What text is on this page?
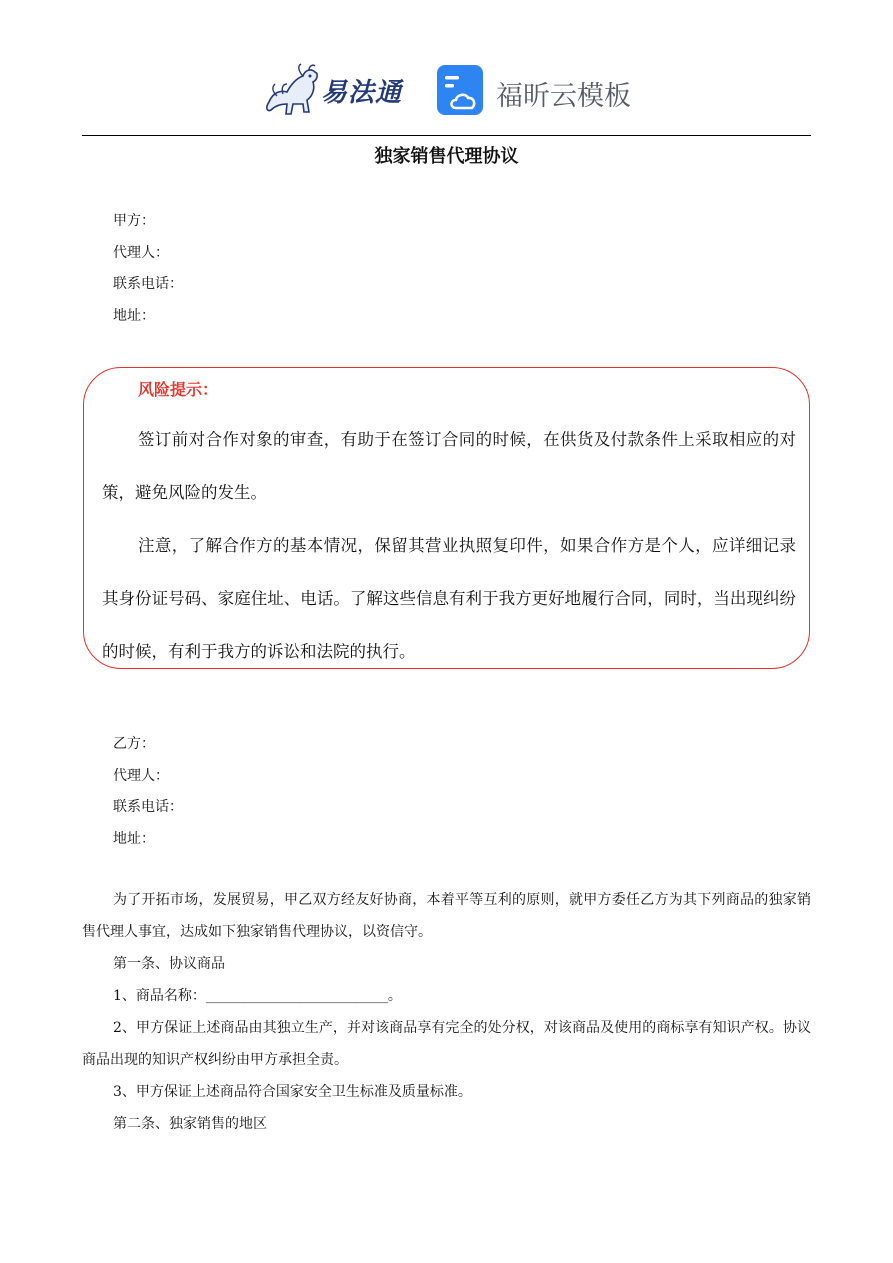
易法通	福昕云模板
独家销售代理协议
甲方：
代理人：
联系电话：
地址：
风险提示：
签订前对合作对象的审查，有助于在签订合同的时候，在供货及付款条件上采取相应的对策，避免风险的发生。
注意，了解合作方的基本情况，保留其营业执照复印件，如果合作方是个人，应详细记录其身份证号码、家庭住址、电话。了解这些信息有利于我方更好地履行合同，同时，当出现纠纷的时候，有利于我方的诉讼和法院的执行。
乙方：
代理人：
联系电话：
地址：
为了开拓市场，发展贸易，甲乙双方经友好协商，本着平等互利的原则，就甲方委任乙方为其下列商品的独家销售代理人事宜，达成如下独家销售代理协议，以资信守。
第一条、协议商品
1、商品名称：__________________________。
2、甲方保证上述商品由其独立生产，并对该商品享有完全的处分权，对该商品及使用的商标享有知识产权。协议商品出现的知识产权纠纷由甲方承担全责。
3、甲方保证上述商品符合国家安全卫生标准及质量标准。
第二条、独家销售的地区
